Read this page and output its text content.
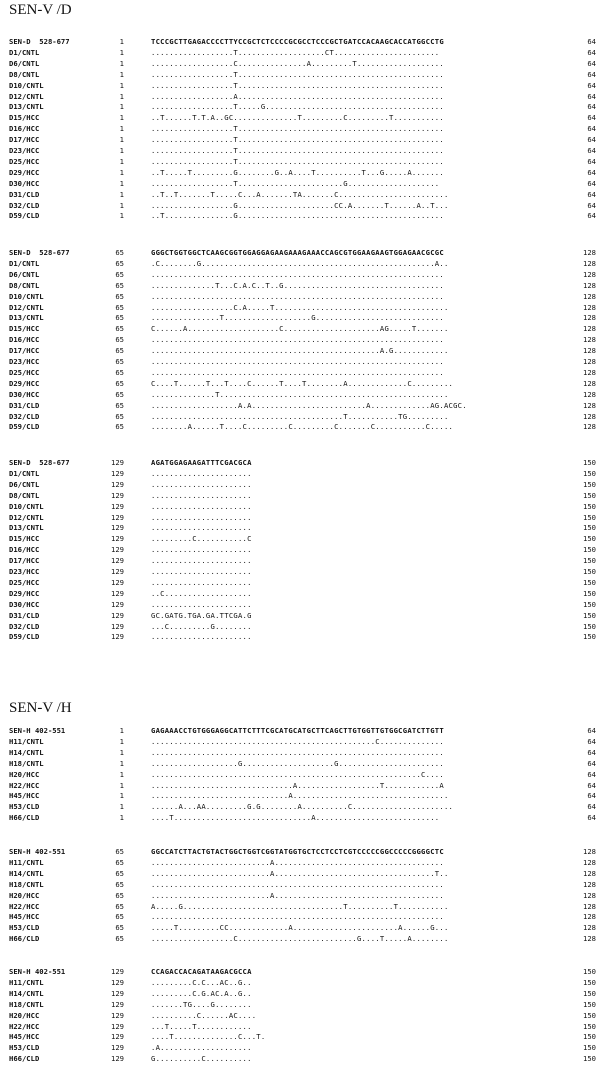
SEN-V /D
SEN-D  528-677	1	TCCCGCTTGAGACCCCTTYCCGCTCTCCCCGCGCCTCCCGCTGATCCACAAGCACCATGGCCTG	64
D1/CNTL	1	..................T...................CT.......................	64
D6/CNTL	1	..................C...............A.........T...................	64
D8/CNTL	1	..................T.............................................	64
D10/CNTL	1	..................T.............................................	64
D12/CNTL	1	..................A.............................................	64
D13/CNTL	1	..................T.....G.......................................	64
D15/HCC	1	..T......T.T.A..GC..............T.........C.........T...........	64
D16/HCC	1	..................T.............................................	64
D17/HCC	1	..................T.............................................	64
D23/HCC	1	..................T.............................................	64
D25/HCC	1	..................T.............................................	64
D29/HCC	1	..T.....T.........G........G..A....T..........T...G.....A.......	64
D30/HCC	1	..................T.......................G....................	64
D31/CLD	1	..T..T.......T.....C...A.......TA.......C........................	64
D32/CLD	1	..................G.....................CC.A.......T......A..T...	64
D59/CLD	1	..T...............G.............................................	64
SEN-D  528-677	65	GGGCTGGTGGCTCAAGCGGTGGAGGAGAAGAAAGAAACCAGCGTGGAAGAAGTGGAGAACGCGC	128
D1/CNTL	65	.C........G...................................................A..	128
D6/CNTL	65	................................................................	128
D8/CNTL	65	..............T...C.A.C..T..G...................................	128
D10/CNTL	65	................................................................	128
D12/CNTL	65	..................C.A.....T......................................	128
D13/CNTL	65	...............T...................G............................	128
D15/HCC	65	C......A....................C.....................AG.....T.......	128
D16/HCC	65	................................................................	128
D17/HCC	65	..................................................A.G............	128
D23/HCC	65	................................................................	128
D25/HCC	65	................................................................	128
D29/HCC	65	C....T......T...T....C......T....T........A.............C.........	128
D30/HCC	65	..............T..................................................	128
D31/CLD	65	...................A.A.........................A.............AG.ACGC.	128
D32/CLD	65	..........................................T...........TG.........	128
D59/CLD	65	........A......T....C.........C.........C.......C...........C.....	128
SEN-D  528-677	129	AGATGGAGAAGATTTCGACGCA	150
D1/CNTL	129	......................	150
D6/CNTL	129	......................	150
D8/CNTL	129	......................	150
D10/CNTL	129	......................	150
D12/CNTL	129	......................	150
D13/CNTL	129	......................	150
D15/HCC	129	.........C...........C	150
D16/HCC	129	......................	150
D17/HCC	129	......................	150
D23/HCC	129	......................	150
D25/HCC	129	......................	150
D29/HCC	129	..C...................	150
D30/HCC	129	......................	150
D31/CLD	129	GC.GATG.TGA.GA.TTCGA.G	150
D32/CLD	129	...C.........G........	150
D59/CLD	129	......................	150
SEN-V /H
SEN-H 402-551	1	GAGAAACCTGTGGGAGGCATTCTTTCGCATGCATGCTTCAGCTTGTGGTTGTGGCGATCTTGTT	64
H11/CNTL	1	.................................................C..............	64
H14/CNTL	1	................................................................	64
H18/CNTL	1	...................G....................G.......................	64
H20/HCC	1	...........................................................C....	64
H22/HCC	1	...............................A..................T............A	64
H45/HCC	1	..............................A..................................	64
H53/CLD	1	......A...AA.........G.G........A..........C......................	64
H66/CLD	1	....T..............................A...........................	64
SEN-H 402-551	65	GGCCATCTTACTGTACTGGCTGGTCGGTATGGTGCTCCTCCTCGTCCCCCGGCCCCCGGGGCTC	128
H11/CNTL	65	..........................A.....................................	128
H14/CNTL	65	..........................A...................................T..	128
H18/CNTL	65	................................................................	128
H20/HCC	65	..........................A.....................................	128
H22/HCC	65	A.....G...................................T..........T...........	128
H45/HCC	65	................................................................	128
H53/CLD	65	.....T.........CC.............A.......................A......G...	128
H66/CLD	65	..................C..........................G....T.....A........	128
SEN-H 402-551	129	CCAGACCACAGATAAGACGCCA	150
H11/CNTL	129	.........C.C...AC..G..	150
H14/CNTL	129	.........C.G.AC.A..G..	150
H18/CNTL	129	.......TG....G........	150
H20/HCC	129	..........C......AC....	150
H22/HCC	129	...T.....T............	150
H45/HCC	129	....T..............C...T.	150
H53/CLD	129	.A....................	150
H66/CLD	129	G..........C..........	150
